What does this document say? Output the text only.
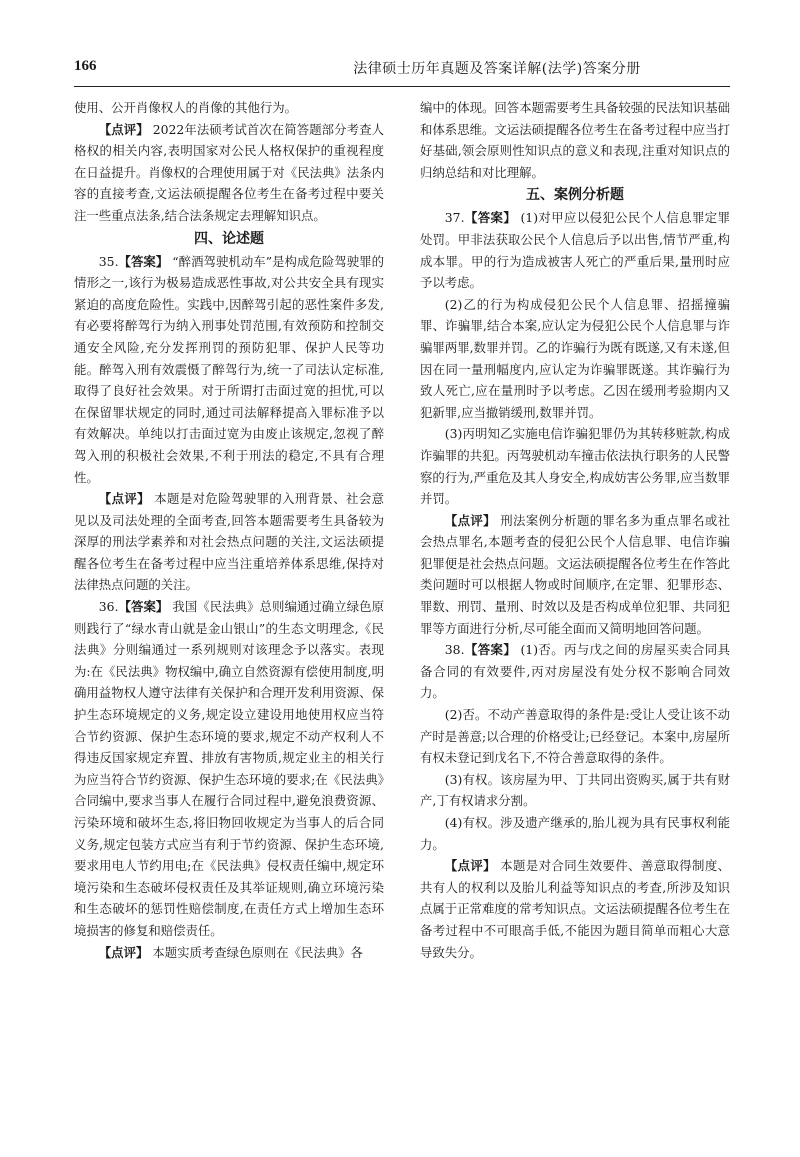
166	法律硕士历年真题及答案详解(法学)答案分册

使用、公开肖像权人的肖像的其他行为。

【点评】 2022年法硕考试首次在简答题部分考查人格权的相关内容,表明国家对公民人格权保护的重视程度在日益提升。肖像权的合理使用属于对《民法典》法条内容的直接考查,文运法硕提醒各位考生在备考过程中要关注一些重点法条,结合法条规定去理解知识点。

四、论述题

35.【答案】 “醉酒驾驶机动车”是构成危险驾驶罪的情形之一,该行为极易造成恶性事故,对公共安全具有现实紧迫的高度危险性。实践中,因醉驾引起的恶性案件多发,有必要将醉驾行为纳入刑事处罚范围,有效预防和控制交通安全风险,充分发挥刑罚的预防犯罪、保护人民等功能。醉驾入刑有效震慑了醉驾行为,统一了司法认定标准,取得了良好社会效果。对于所谓打击面过宽的担忧,可以在保留罪状规定的同时,通过司法解释提高入罪标准予以有效解决。单纯以打击面过宽为由废止该规定,忽视了醉驾入刑的积极社会效果,不利于刑法的稳定,不具有合理性。

【点评】 本题是对危险驾驶罪的入刑背景、社会意见以及司法处理的全面考查,回答本题需要考生具备较为深厚的刑法学素养和对社会热点问题的关注,文运法硕提醒各位考生在备考过程中应当注重培养体系思维,保持对法律热点问题的关注。

36.【答案】 我国《民法典》总则编通过确立绿色原则践行了“绿水青山就是金山银山”的生态文明理念,《民法典》分则编通过一系列规则对该理念予以落实。表现为:在《民法典》物权编中,确立自然资源有偿使用制度,明确用益物权人遵守法律有关保护和合理开发利用资源、保护生态环境规定的义务,规定设立建设用地使用权应当符合节约资源、保护生态环境的要求,规定不动产权利人不得违反国家规定弃置、排放有害物质,规定业主的相关行为应当符合节约资源、保护生态环境的要求;在《民法典》合同编中,要求当事人在履行合同过程中,避免浪费资源、污染环境和破坏生态,将旧物回收规定为当事人的后合同义务,规定包装方式应当有利于节约资源、保护生态环境,要求用电人节约用电;在《民法典》侵权责任编中,规定环境污染和生态破坏侵权责任及其举证规则,确立环境污染和生态破坏的惩罚性赔偿制度,在责任方式上增加生态环境损害的修复和赔偿责任。

【点评】 本题实质考查绿色原则在《民法典》各

编中的体现。回答本题需要考生具备较强的民法知识基础和体系思维。文运法硕提醒各位考生在备考过程中应当打好基础,领会原则性知识点的意义和表现,注重对知识点的归纳总结和对比理解。

五、案例分析题

37.【答案】 (1)对甲应以侵犯公民个人信息罪定罪处罚。甲非法获取公民个人信息后予以出售,情节严重,构成本罪。甲的行为造成被害人死亡的严重后果,量刑时应予以考虑。

(2)乙的行为构成侵犯公民个人信息罪、招摇撞骗罪、诈骗罪,结合本案,应认定为侵犯公民个人信息罪与诈骗罪两罪,数罪并罚。乙的诈骗行为既有既遂,又有未遂,但因在同一量刑幅度内,应认定为诈骗罪既遂。其诈骗行为致人死亡,应在量刑时予以考虑。乙因在缓刑考验期内又犯新罪,应当撤销缓刑,数罪并罚。

(3)丙明知乙实施电信诈骗犯罪仍为其转移赃款,构成诈骗罪的共犯。丙驾驶机动车撞击依法执行职务的人民警察的行为,严重危及其人身安全,构成妨害公务罪,应当数罪并罚。

【点评】 刑法案例分析题的罪名多为重点罪名或社会热点罪名,本题考查的侵犯公民个人信息罪、电信诈骗犯罪便是社会热点问题。文运法硕提醒各位考生在作答此类问题时可以根据人物或时间顺序,在定罪、犯罪形态、罪数、刑罚、量刑、时效以及是否构成单位犯罪、共同犯罪等方面进行分析,尽可能全面而又简明地回答问题。

38.【答案】 (1)否。丙与戊之间的房屋买卖合同具备合同的有效要件,丙对房屋没有处分权不影响合同效力。

(2)否。不动产善意取得的条件是:受让人受让该不动产时是善意;以合理的价格受让;已经登记。本案中,房屋所有权未登记到戊名下,不符合善意取得的条件。

(3)有权。该房屋为甲、丁共同出资购买,属于共有财产,丁有权请求分割。

(4)有权。涉及遗产继承的,胎儿视为具有民事权利能力。

【点评】 本题是对合同生效要件、善意取得制度、共有人的权利以及胎儿利益等知识点的考查,所涉及知识点属于正常难度的常考知识点。文运法硕提醒各位考生在备考过程中不可眼高手低,不能因为题目简单而粗心大意导致失分。
